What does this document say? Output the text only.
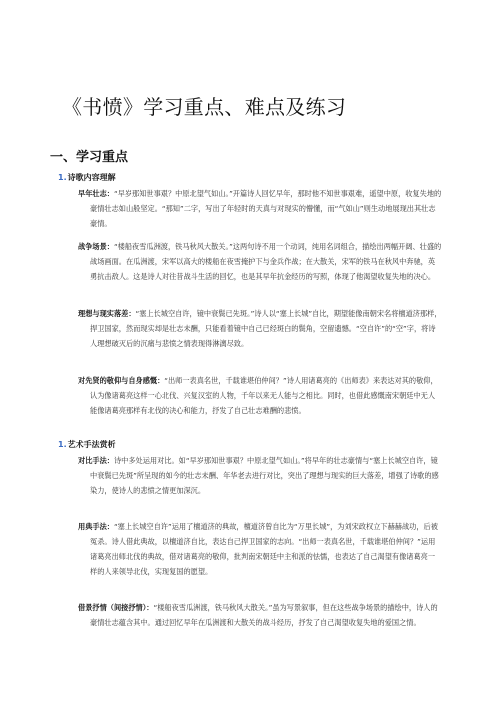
《书愤》学习重点、难点及练习
一、学习重点
1.诗歌内容理解
早年壮志：“早岁那知世事艰？中原北望气如山。”开篇诗人回忆早年，那时他不知世事艰难，遥望中原，收复失地的豪情壮志如山般坚定。“那知”二字，写出了年轻时的天真与对现实的懵懂，而“气如山”则生动地展现出其壮志豪情。
战争场景：“楼船夜雪瓜洲渡，铁马秋风大散关。”这两句诗不用一个动词，纯用名词组合，描绘出两幅开阔、壮盛的战场画面。在瓜洲渡，宋军以高大的楼船在夜雪掩护下与金兵作战；在大散关，宋军的铁马在秋风中奔驰，英勇抗击敌人。这是诗人对往昔战斗生活的回忆，也是其早年抗金经历的写照，体现了他渴望收复失地的决心。
理想与现实落差：“塞上长城空自许，镜中衰鬓已先斑。”诗人以“塞上长城”自比，期望能像南朝宋名将檀道济那样，捍卫国家，然而现实却是壮志未酬，只能看着镜中自己已经斑白的鬓角，空留遗憾。“空自许”的“空”字，将诗人理想破灭后的沉痛与悲愤之情表现得淋漓尽致。
对先贤的敬仰与自身感慨：“出师一表真名世，千载谁堪伯仲间？”诗人用诸葛亮的《出师表》来表达对其的敬仰，认为像诸葛亮这样一心北伐、兴复汉室的人物，千年以来无人能与之相比。同时，也借此感慨南宋朝廷中无人能像诸葛亮那样有北伐的决心和能力，抒发了自己壮志难酬的悲愤。
1.艺术手法赏析
对比手法：诗中多处运用对比。如“早岁那知世事艰？中原北望气如山。”将早年的壮志豪情与“塞上长城空自许，镜中衰鬓已先斑”所呈现的如今的壮志未酬、年华老去进行对比，突出了理想与现实的巨大落差，增强了诗歌的感染力，使诗人的悲愤之情更加深沉。
用典手法：“塞上长城空自许”运用了檀道济的典故，檀道济曾自比为“万里长城”，为刘宋政权立下赫赫战功，后被冤杀。诗人借此典故，以檀道济自比，表达自己捍卫国家的志向。“出师一表真名世，千载谁堪伯仲间？”运用诸葛亮出师北伐的典故，借对诸葛亮的敬仰，批判南宋朝廷中主和派的怯懦，也表达了自己渴望有像诸葛亮一样的人来领导北伐，实现复国的愿望。
借景抒情（间接抒情）：“楼船夜雪瓜洲渡，铁马秋风大散关。”虽为写景叙事，但在这些战争场景的描绘中，诗人的豪情壮志蕴含其中。通过回忆早年在瓜洲渡和大散关的战斗经历，抒发了自己渴望收复失地的爱国之情。
